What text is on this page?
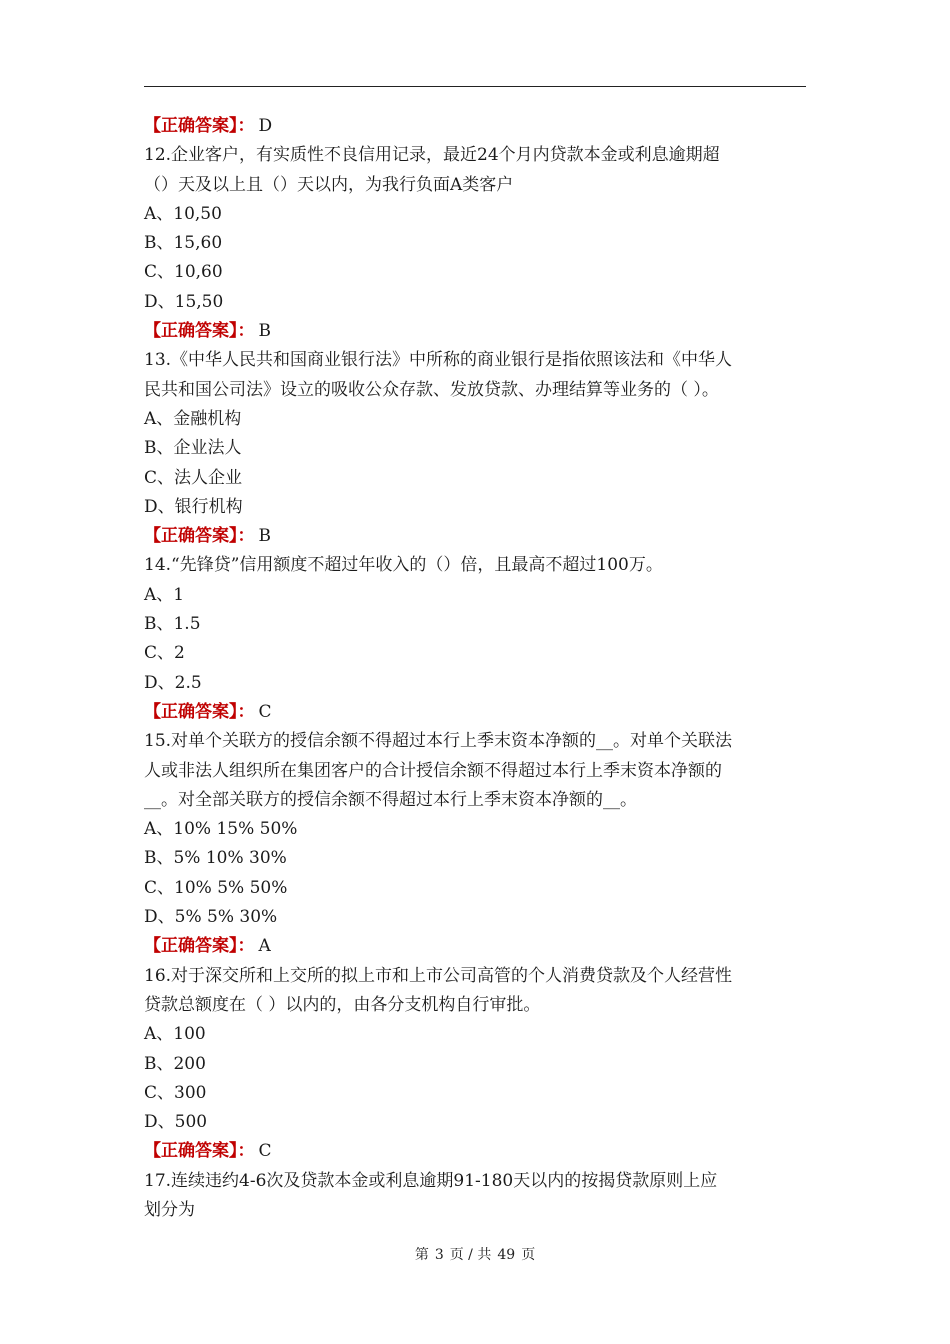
【正确答案】： D
12.企业客户，有实质性不良信用记录，最近24个月内贷款本金或利息逾期超
（）天及以上且（）天以内，为我行负面A类客户
A、10,50
B、15,60
C、10,60
D、15,50
【正确答案】： B
13.《中华人民共和国商业银行法》中所称的商业银行是指依照该法和《中华人
民共和国公司法》设立的吸收公众存款、发放贷款、办理结算等业务的（ ）。
A、金融机构
B、企业法人
C、法人企业
D、银行机构
【正确答案】： B
14.“先锋贷”信用额度不超过年收入的（）倍，且最高不超过100万。
A、1
B、1.5
C、2
D、2.5
【正确答案】： C
15.对单个关联方的授信余额不得超过本行上季末资本净额的__。对单个关联法
人或非法人组织所在集团客户的合计授信余额不得超过本行上季末资本净额的
__。对全部关联方的授信余额不得超过本行上季末资本净额的__。
A、10% 15% 50%
B、5% 10% 30%
C、10% 5% 50%
D、5% 5% 30%
【正确答案】： A
16.对于深交所和上交所的拟上市和上市公司高管的个人消费贷款及个人经营性
贷款总额度在（ ）以内的，由各分支机构自行审批。
A、100
B、200
C、300
D、500
【正确答案】： C
17.连续违约4-6次及贷款本金或利息逾期91-180天以内的按揭贷款原则上应
划分为
第 3 页 / 共 49 页
